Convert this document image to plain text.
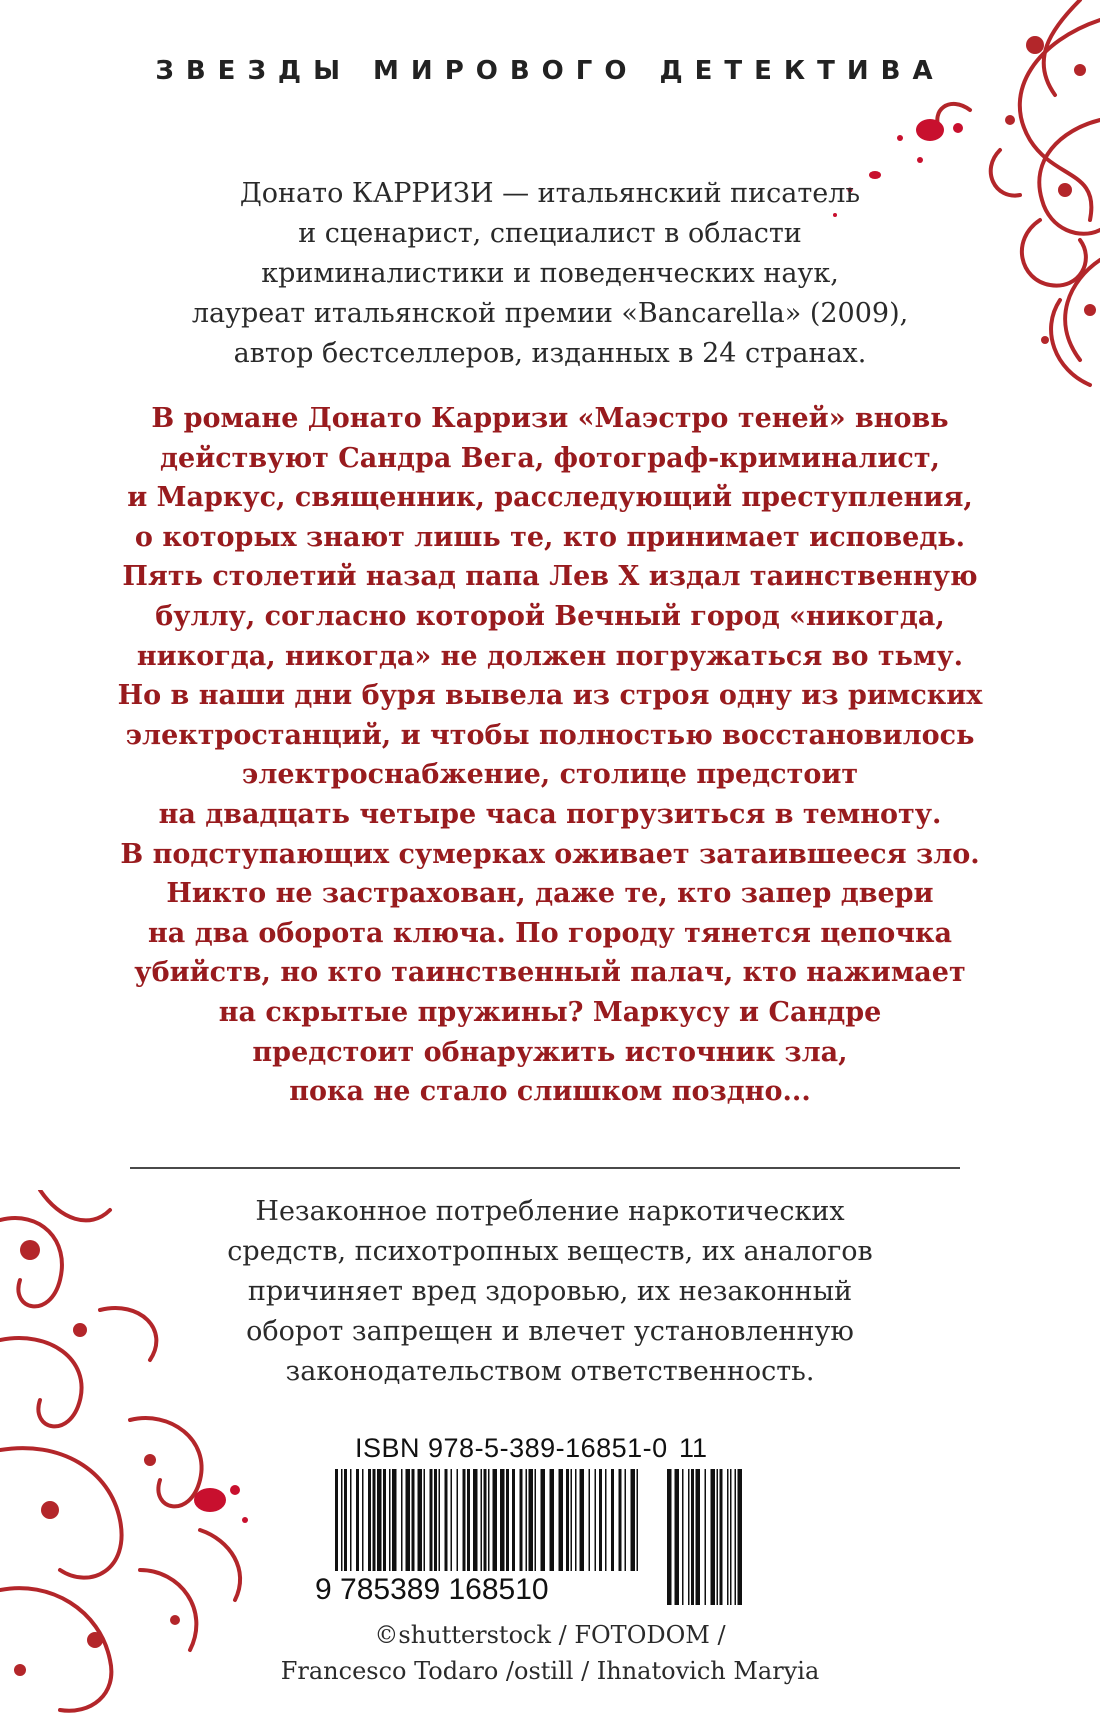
ЗВЕЗДЫ МИРОВОГО ДЕТЕКТИВА
Донато КАРРИЗИ — итальянский писатель
и сценарист, специалист в области
криминалистики и поведенческих наук,
лауреат итальянской премии «Bancarella» (2009),
автор бестселлеров, изданных в 24 странах.
В романе Донато Карризи «Маэстро теней» вновь
действуют Сандра Вега, фотограф-криминалист,
и Маркус, священник, расследующий преступления,
о которых знают лишь те, кто принимает исповедь.
Пять столетий назад папа Лев Х издал таинственную
буллу, согласно которой Вечный город «никогда,
никогда, никогда» не должен погружаться во тьму.
Но в наши дни буря вывела из строя одну из римских
электростанций, и чтобы полностью восстановилось
электроснабжение, столице предстоит
на двадцать четыре часа погрузиться в темноту.
В подступающих сумерках оживает затаившееся зло.
Никто не застрахован, даже те, кто запер двери
на два оборота ключа. По городу тянется цепочка
убийств, но кто таинственный палач, кто нажимает
на скрытые пружины? Маркусу и Сандре
предстоит обнаружить источник зла,
пока не стало слишком поздно...
Незаконное потребление наркотических
средств, психотропных веществ, их аналогов
причиняет вред здоровью, их незаконный
оборот запрещен и влечет установленную
законодательством ответственность.
ISBN 978-5-389-16851-0 11
9 785389 168510
©shutterstock / FOTODOM /
Francesco Todaro /ostill / Ihnatovich Maryia
